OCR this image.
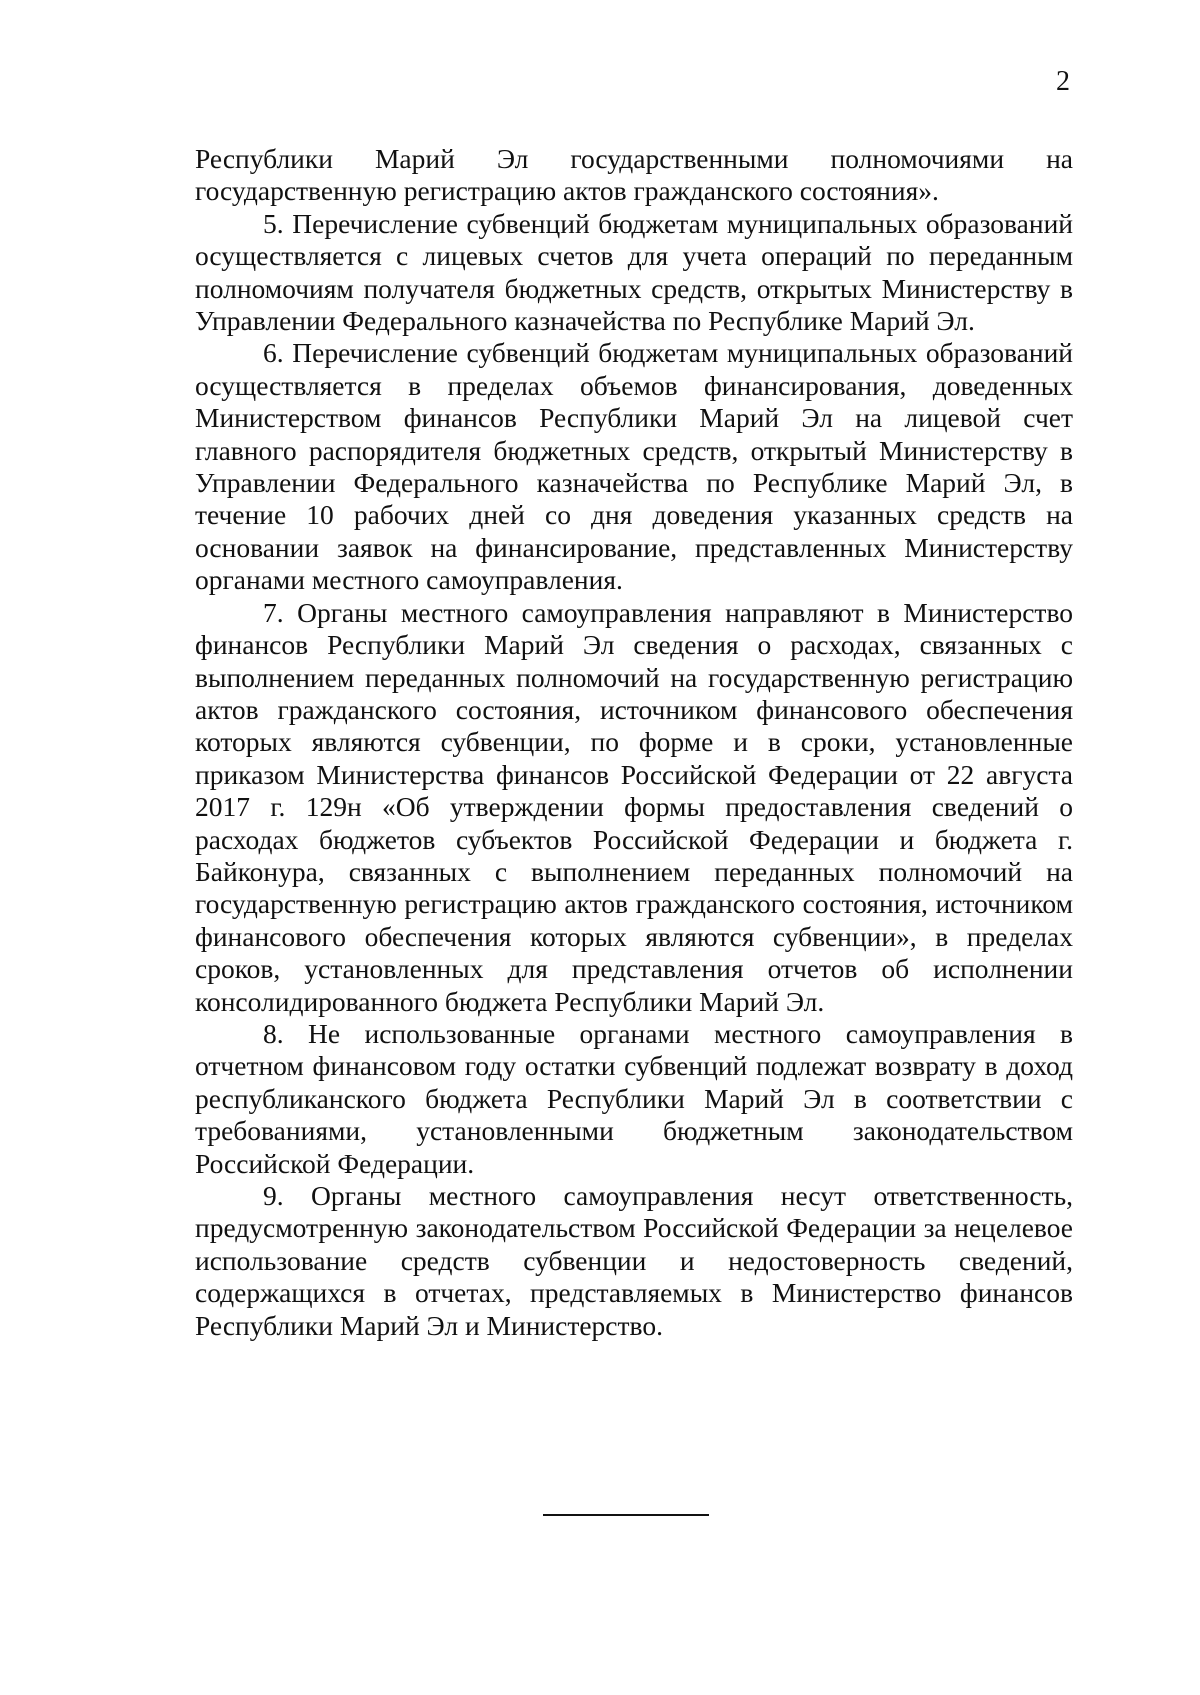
2

Республики Марий Эл государственными полномочиями на государственную регистрацию актов гражданского состояния».

5. Перечисление субвенций бюджетам муниципальных образований осуществляется с лицевых счетов для учета операций по переданным полномочиям получателя бюджетных средств, открытых Министерству в Управлении Федерального казначейства по Республике Марий Эл.

6. Перечисление субвенций бюджетам муниципальных образований осуществляется в пределах объемов финансирования, доведенных Министерством финансов Республики Марий Эл на лицевой счет главного распорядителя бюджетных средств, открытый Министерству в Управлении Федерального казначейства по Республике Марий Эл, в течение 10 рабочих дней со дня доведения указанных средств на основании заявок на финансирование, представленных Министерству органами местного самоуправления.

7. Органы местного самоуправления направляют в Министерство финансов Республики Марий Эл сведения о расходах, связанных с выполнением переданных полномочий на государственную регистрацию актов гражданского состояния, источником финансового обеспечения которых являются субвенции, по форме и в сроки, установленные приказом Министерства финансов Российской Федерации от 22 августа 2017 г. 129н «Об утверждении формы предоставления сведений о расходах бюджетов субъектов Российской Федерации и бюджета г. Байконура, связанных с выполнением переданных полномочий на государственную регистрацию актов гражданского состояния, источником финансового обеспечения которых являются субвенции», в пределах сроков, установленных для представления отчетов об исполнении консолидированного бюджета Республики Марий Эл.

8. Не использованные органами местного самоуправления в отчетном финансовом году остатки субвенций подлежат возврату в доход республиканского бюджета Республики Марий Эл в соответствии с требованиями, установленными бюджетным законодательством Российской Федерации.

9. Органы местного самоуправления несут ответственность, предусмотренную законодательством Российской Федерации за нецелевое использование средств субвенции и недостоверность сведений, содержащихся в отчетах, представляемых в Министерство финансов Республики Марий Эл и Министерство.
